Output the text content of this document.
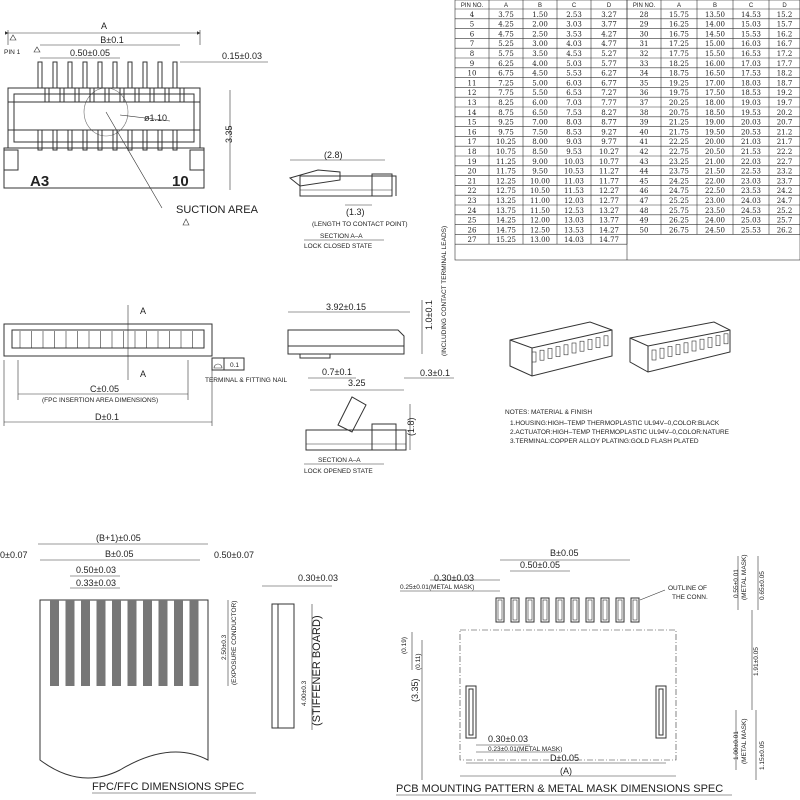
A
B±0.1
0.50±0.05	0.15±0.03
PIN 1
A3	10
ø1.10
3.35
SUCTION AREA
(2.8)
(1.3)
(LENGTH TO CONTACT POINT)
SECTION A–A
LOCK CLOSED STATE
PIN NO.	A	B	C	D
4	3.75	1.50	2.53	3.27
5	4.25	2.00	3.03	3.77
6	4.75	2.50	3.53	4.27
7	5.25	3.00	4.03	4.77
8	5.75	3.50	4.53	5.27
9	6.25	4.00	5.03	5.77
10	6.75	4.50	5.53	6.27
11	7.25	5.00	6.03	6.77
12	7.75	5.50	6.53	7.27
13	8.25	6.00	7.03	7.77
14	8.75	6.50	7.53	8.27
15	9.25	7.00	8.03	8.77
16	9.75	7.50	8.53	9.27
17	10.25 8.00	9.03	9.77
18	10.75 8.50	9.53 10.27
19	11.25 9.00 10.03 10.77
20	11.75 9.50 10.53 11.27
21	12.25 10.00 11.03 11.77
22	12.75 10.50 11.53 12.27
23	13.25 11.00 12.03 12.77
24	13.75 11.50 12.53 13.27
25	14.25 12.00 13.03 13.77
26	14.75 12.50 13.53 14.27
27	15.25 13.00 14.03 14.77
PIN NO.	A	B	C	D
28	15.75 13.50 14.53 15.2
29	16.25 14.00 15.03 15.7
30	16.75 14.50 15.53 16.2
31	17.25 15.00 16.03 16.7
32	17.75 15.50 16.53 17.2
33	18.25 16.00 17.03 17.7
34	18.75 16.50 17.53 18.2
35	19.25 17.00 18.03 18.7
36	19.75 17.50 18.53 19.2
37	20.25 18.00 19.03 19.7
38	20.75 18.50 19.53 20.2
39	21.25 19.00 20.03 20.7
40	21.75 19.50 20.53 21.2
41	22.25 20.00 21.03 21.7
42	22.75 20.50 21.53 22.2
43	23.25 21.00 22.03 22.7
44	23.75 21.50 22.53 23.2
45	24.25 22.00 23.03 23.7
46	24.75 22.50 23.53 24.2
47	25.25 23.00 24.03 24.7
48	25.75 23.50 24.53 25.2
49	26.25 24.00 25.03 25.7
50	26.75 24.50 25.53 26.2
A
A
0.1
TERMINAL & FITTING NAIL
C±0.05
(FPC INSERTION AREA DIMENSIONS)
D±0.1
3.92±0.15	1.0±0.1 (INCLUDING CONTACT TERMINAL LEADS)
0.7±0.1
3.25
0.3±0.1
(1.8)
SECTION A–A
LOCK OPENED STATE
NOTES: MATERIAL & FINISH
1.HOUSING:HIGH–TEMP THERMOPLASTIC UL94V–0,COLOR:BLACK
2.ACTUATOR:HIGH–TEMP THERMOPLASTIC UL94V–0,COLOR:NATURE
3.TERMINAL:COPPER ALLOY PLATING:GOLD FLASH PLATED
(B+1)±0.05
B±0.05
0±0.07	0.50±0.07
0.50±0.03
0.33±0.03
2.50±0.3 (EXPOSURE CONDUCTOR)
0.30±0.03
4.00±0.3 (STIFFENER BOARD)
FPC/FFC DIMENSIONS SPEC
B±0.05
0.50±0.05
0.30±0.03
0.25±0.01(METAL MASK)	OUTLINE OF
THE CONN.
(0.19)
(0.11)
(3.35)
0.55±0.01 (METAL MASK) 0.65±0.05
1.91±0.05
1.00±0.01 (METAL MASK) 1.15±0.05
0.30±0.03
0.23±0.01(METAL MASK)
D±0.05
(A)
PCB MOUNTING PATTERN & METAL MASK DIMENSIONS SPEC
